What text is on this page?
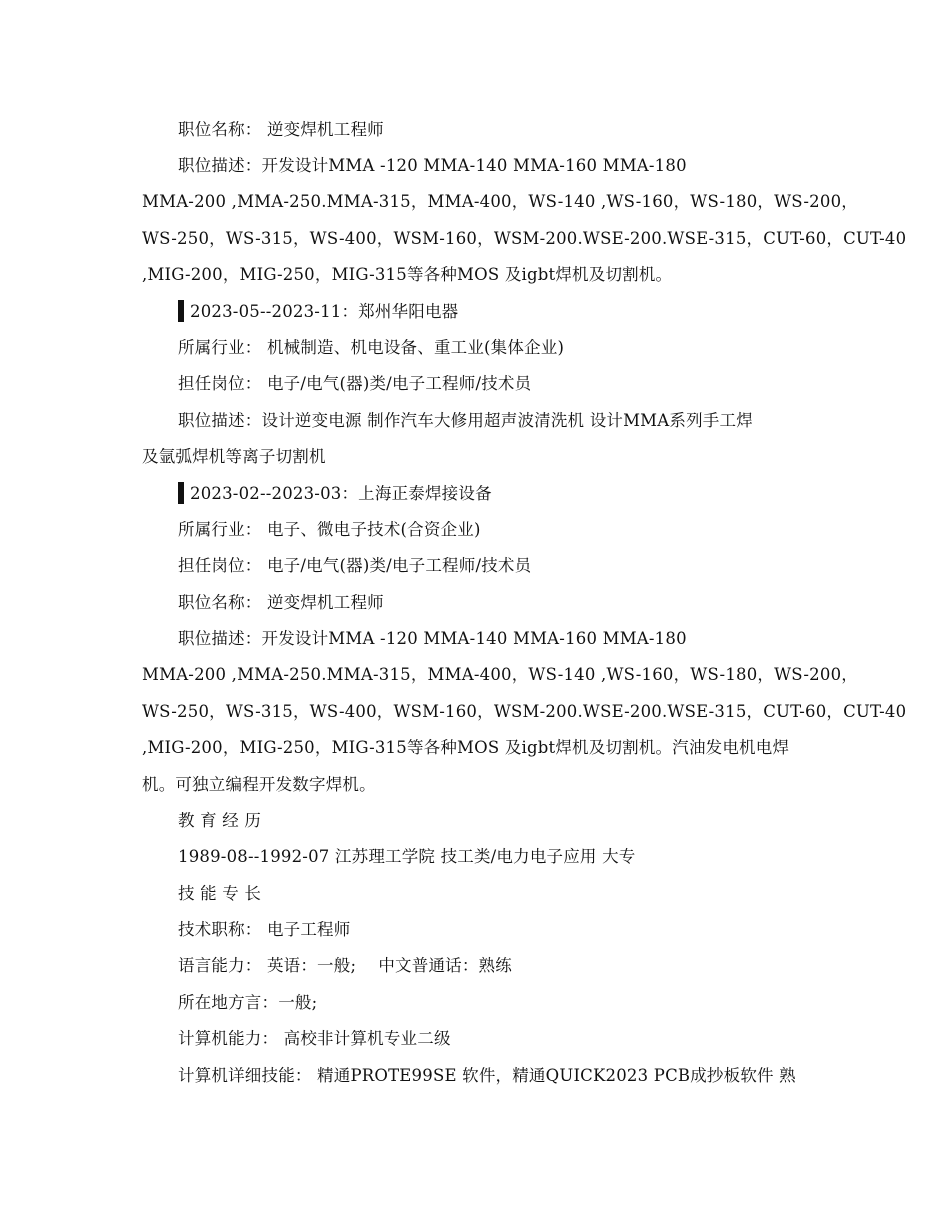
职位名称： 逆变焊机工程师
职位描述：开发设计MMA -120 MMA-140 MMA-160 MMA-180
MMA-200 ,MMA-250.MMA-315，MMA-400，WS-140 ,WS-160，WS-180，WS-200，
WS-250，WS-315，WS-400，WSM-160，WSM-200.WSE-200.WSE-315，CUT-60，CUT-40
,MIG-200，MIG-250，MIG-315等各种MOS 及igbt焊机及切割机。
2023-05--2023-11：郑州华阳电器
所属行业： 机械制造、机电设备、重工业(集体企业)
担任岗位： 电子/电气(器)类/电子工程师/技术员
职位描述：设计逆变电源 制作汽车大修用超声波清洗机 设计MMA系列手工焊
及氩弧焊机等离子切割机
2023-02--2023-03：上海正泰焊接设备
所属行业： 电子、微电子技术(合资企业)
担任岗位： 电子/电气(器)类/电子工程师/技术员
职位名称： 逆变焊机工程师
职位描述：开发设计MMA -120 MMA-140 MMA-160 MMA-180
MMA-200 ,MMA-250.MMA-315，MMA-400，WS-140 ,WS-160，WS-180，WS-200，
WS-250，WS-315，WS-400，WSM-160，WSM-200.WSE-200.WSE-315，CUT-60，CUT-40
,MIG-200，MIG-250，MIG-315等各种MOS 及igbt焊机及切割机。汽油发电机电焊
机。可独立编程开发数字焊机。
教 育 经 历
1989-08--1992-07 江苏理工学院 技工类/电力电子应用 大专
技 能 专 长
技术职称： 电子工程师
语言能力： 英语：一般;　 中文普通话：熟练
所在地方言：一般;
计算机能力： 高校非计算机专业二级
计算机详细技能： 精通PROTE99SE 软件，精通QUICK2023 PCB成抄板软件 熟
